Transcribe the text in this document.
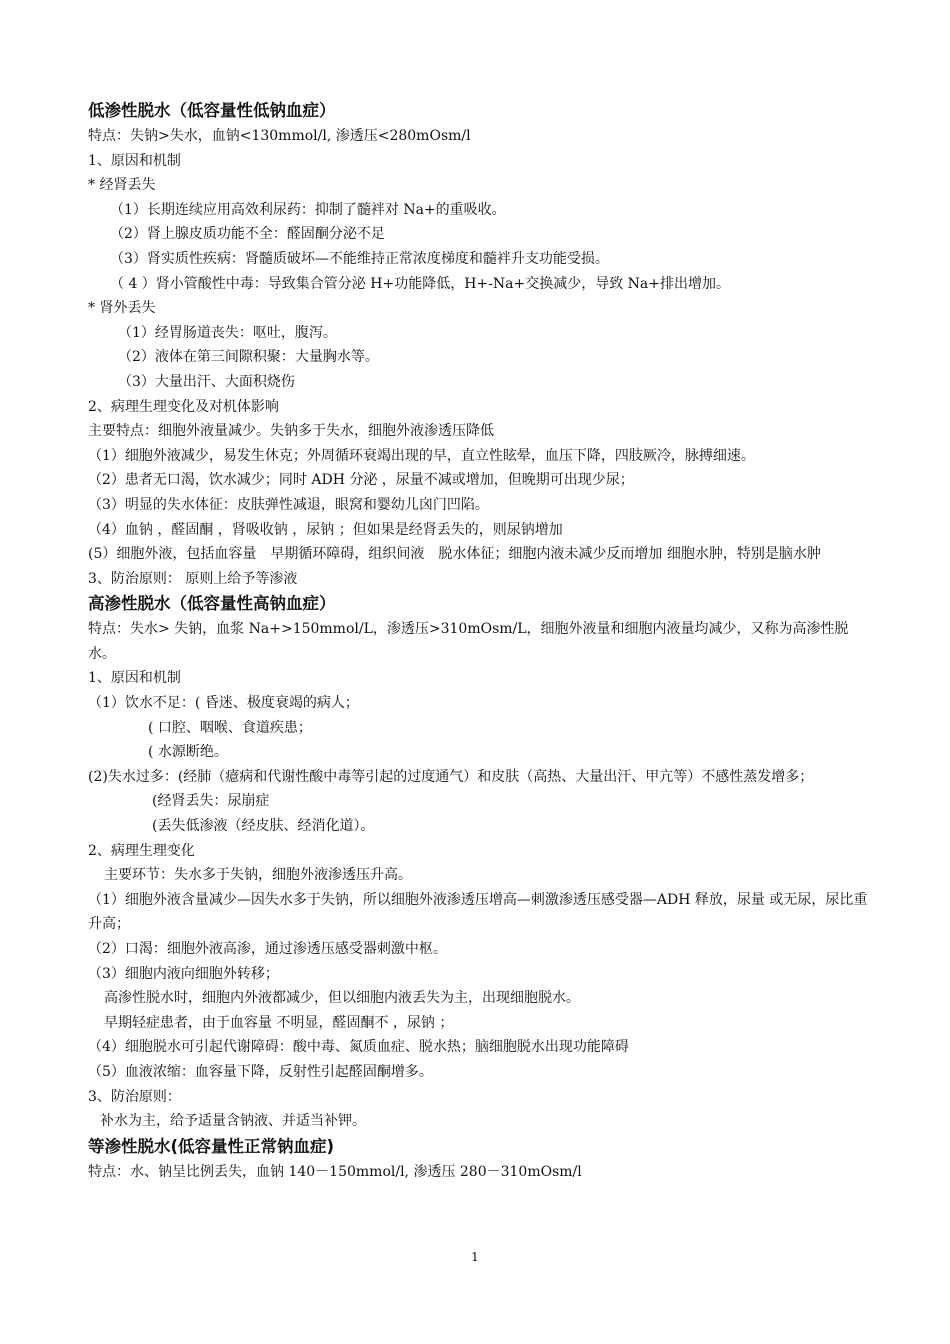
低渗性脱水（低容量性低钠血症）
特点：失钠>失水，血钠<130mmol/l, 渗透压<280mOsm/l
1、原因和机制
* 经肾丢失
（1）长期连续应用高效利尿药：抑制了髓袢对 Na+的重吸收。
（2）肾上腺皮质功能不全：醛固酮分泌不足
（3）肾实质性疾病：肾髓质破坏—不能维持正常浓度梯度和髓袢升支功能受损。
（ 4 ）肾小管酸性中毒：导致集合管分泌 H+功能降低，H+-Na+交换减少，导致 Na+排出增加。
* 肾外丢失
（1）经胃肠道丧失：呕吐，腹泻。
（2）液体在第三间隙积聚：大量胸水等。
（3）大量出汗、大面积烧伤
2、病理生理变化及对机体影响
主要特点：细胞外液量减少。失钠多于失水，细胞外液渗透压降低
（1）细胞外液减少，易发生休克；外周循环衰竭出现的早，直立性眩晕，血压下降，四肢厥冷，脉搏细速。
（2）患者无口渴，饮水减少；同时 ADH 分泌 ，尿量不减或增加，但晚期可出现少尿；
（3）明显的失水体征：皮肤弹性减退，眼窝和婴幼儿囟门凹陷。
（4）血钠 ，醛固酮 ，肾吸收钠 ，尿钠 ；但如果是经肾丢失的，则尿钠增加
(5）细胞外液，包括血容量　早期循环障碍，组织间液　脱水体征；细胞内液未减少反而增加 细胞水肿，特别是脑水肿
3、防治原则： 原则上给予等渗液
高渗性脱水（低容量性高钠血症）
特点：失水> 失钠，血浆 Na+>150mmol/L，渗透压>310mOsm/L，细胞外液量和细胞内液量均减少，又称为高渗性脱水。
1、原因和机制
（1）饮水不足：( 昏迷、极度衰竭的病人；
( 口腔、咽喉、食道疾患；
( 水源断绝。
(2)失水过多：(经肺（癔病和代谢性酸中毒等引起的过度通气）和皮肤（高热、大量出汗、甲亢等）不感性蒸发增多；
(经肾丢失：尿崩症
(丢失低渗液（经皮肤、经消化道）。
2、病理生理变化
主要环节：失水多于失钠，细胞外液渗透压升高。
（1）细胞外液含量减少—因失水多于失钠，所以细胞外液渗透压增高—刺激渗透压感受器—ADH 释放，尿量 或无尿，尿比重升高；
（2）口渴：细胞外液高渗，通过渗透压感受器刺激中枢。
（3）细胞内液向细胞外转移；
高渗性脱水时，细胞内外液都减少，但以细胞内液丢失为主，出现细胞脱水。
早期轻症患者，由于血容量 不明显，醛固酮不 ，尿钠 ；
（4）细胞脱水可引起代谢障碍：酸中毒、氮质血症、脱水热；脑细胞脱水出现功能障碍
（5）血液浓缩：血容量下降，反射性引起醛固酮增多。
3、防治原则：
补水为主，给予适量含钠液、并适当补钾。
等渗性脱水(低容量性正常钠血症)
特点：水、钠呈比例丢失，血钠 140－150mmol/l, 渗透压 280－310mOsm/l
1
